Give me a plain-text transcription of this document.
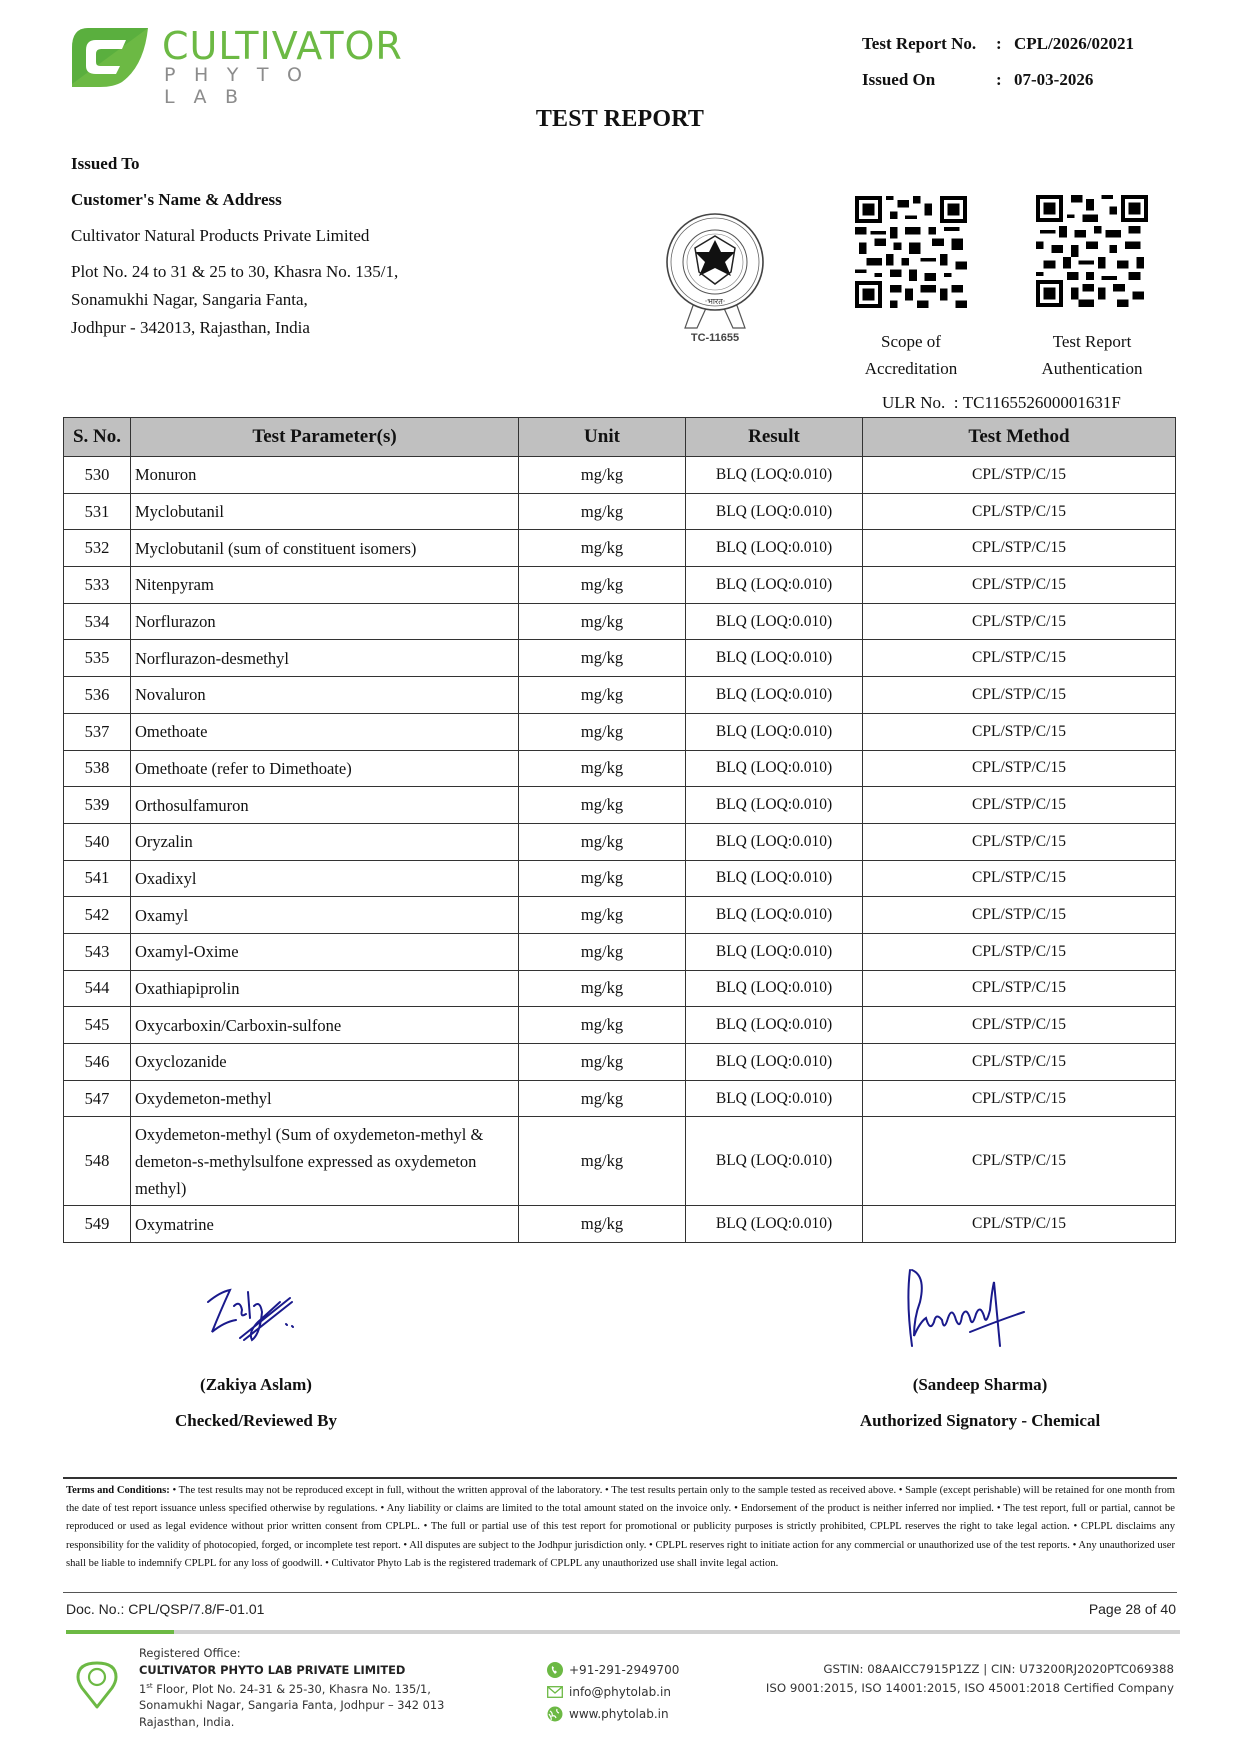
CULTIVATOR
PHYTO LAB
Test Report No.	: CPL/2026/02021
Issued On	: 07-03-2026
TEST REPORT
Issued To
Customer's Name & Address
Cultivator Natural Products Private Limited
Plot No. 24 to 31 & 25 to 30, Khasra No. 135/1,
Sonamukhi Nagar, Sangaria Fanta,
Jodhpur - 342013, Rajasthan, India
·भारत·
TC-11655	Scope of
Accreditation
Test Report
Authentication
ULR No.  : TC116552600001631F
S. No.	Test Parameter(s)	Unit	Result	Test Method
530	Monuron	mg/kg	BLQ (LOQ:0.010)	CPL/STP/C/15
531	Myclobutanil	mg/kg	BLQ (LOQ:0.010)	CPL/STP/C/15
532	Myclobutanil (sum of constituent isomers)	mg/kg	BLQ (LOQ:0.010)	CPL/STP/C/15
533	Nitenpyram	mg/kg	BLQ (LOQ:0.010)	CPL/STP/C/15
534	Norflurazon	mg/kg	BLQ (LOQ:0.010)	CPL/STP/C/15
535	Norflurazon-desmethyl	mg/kg	BLQ (LOQ:0.010)	CPL/STP/C/15
536	Novaluron	mg/kg	BLQ (LOQ:0.010)	CPL/STP/C/15
537	Omethoate	mg/kg	BLQ (LOQ:0.010)	CPL/STP/C/15
538	Omethoate (refer to Dimethoate)	mg/kg	BLQ (LOQ:0.010)	CPL/STP/C/15
539	Orthosulfamuron	mg/kg	BLQ (LOQ:0.010)	CPL/STP/C/15
540	Oryzalin	mg/kg	BLQ (LOQ:0.010)	CPL/STP/C/15
541	Oxadixyl	mg/kg	BLQ (LOQ:0.010)	CPL/STP/C/15
542	Oxamyl	mg/kg	BLQ (LOQ:0.010)	CPL/STP/C/15
543	Oxamyl-Oxime	mg/kg	BLQ (LOQ:0.010)	CPL/STP/C/15
544	Oxathiapiprolin	mg/kg	BLQ (LOQ:0.010)	CPL/STP/C/15
545	Oxycarboxin/Carboxin-sulfone	mg/kg	BLQ (LOQ:0.010)	CPL/STP/C/15
546	Oxyclozanide	mg/kg	BLQ (LOQ:0.010)	CPL/STP/C/15
547	Oxydemeton-methyl	mg/kg	BLQ (LOQ:0.010)	CPL/STP/C/15
548	Oxydemeton-methyl (Sum of oxydemeton-methyl & demeton-s-methylsulfone expressed as oxydemeton methyl)	mg/kg	BLQ (LOQ:0.010)	CPL/STP/C/15
549	Oxymatrine	mg/kg	BLQ (LOQ:0.010)	CPL/STP/C/15
(Zakiya Aslam)
Checked/Reviewed By
(Sandeep Sharma)
Authorized Signatory - Chemical
Terms and Conditions: • The test results may not be reproduced except in full, without the written approval of the laboratory. • The test results pertain only to the sample tested as received above. • Sample (except perishable) will be retained for one month from the date of test report issuance unless specified otherwise by regulations. • Any liability or claims are limited to the total amount stated on the invoice only. • Endorsement of the product is neither inferred nor implied. • The test report, full or partial, cannot be reproduced or used as legal evidence without prior written consent from CPLPL. • The full or partial use of this test report for promotional or publicity purposes is strictly prohibited, CPLPL reserves the right to take legal action. • CPLPL disclaims any responsibility for the validity of photocopied, forged, or incomplete test report. • All disputes are subject to the Jodhpur jurisdiction only. • CPLPL reserves right to initiate action for any commercial or unauthorized use of the test reports. • Any unauthorized user shall be liable to indemnify CPLPL for any loss of goodwill. • Cultivator Phyto Lab is the registered trademark of CPLPL any unauthorized use shall invite legal action.
Doc. No.: CPL/QSP/7.8/F-01.01	Page 28 of 40
Registered Office:
CULTIVATOR PHYTO LAB PRIVATE LIMITED
1st Floor, Plot No. 24-31 & 25-30, Khasra No. 135/1,
Sonamukhi Nagar, Sangaria Fanta, Jodhpur – 342 013
Rajasthan, India.
+91-291-2949700
info@phytolab.in
www.phytolab.in
GSTIN: 08AAICC7915P1ZZ | CIN: U73200RJ2020PTC069388
ISO 9001:2015, ISO 14001:2015, ISO 45001:2018 Certified Company
